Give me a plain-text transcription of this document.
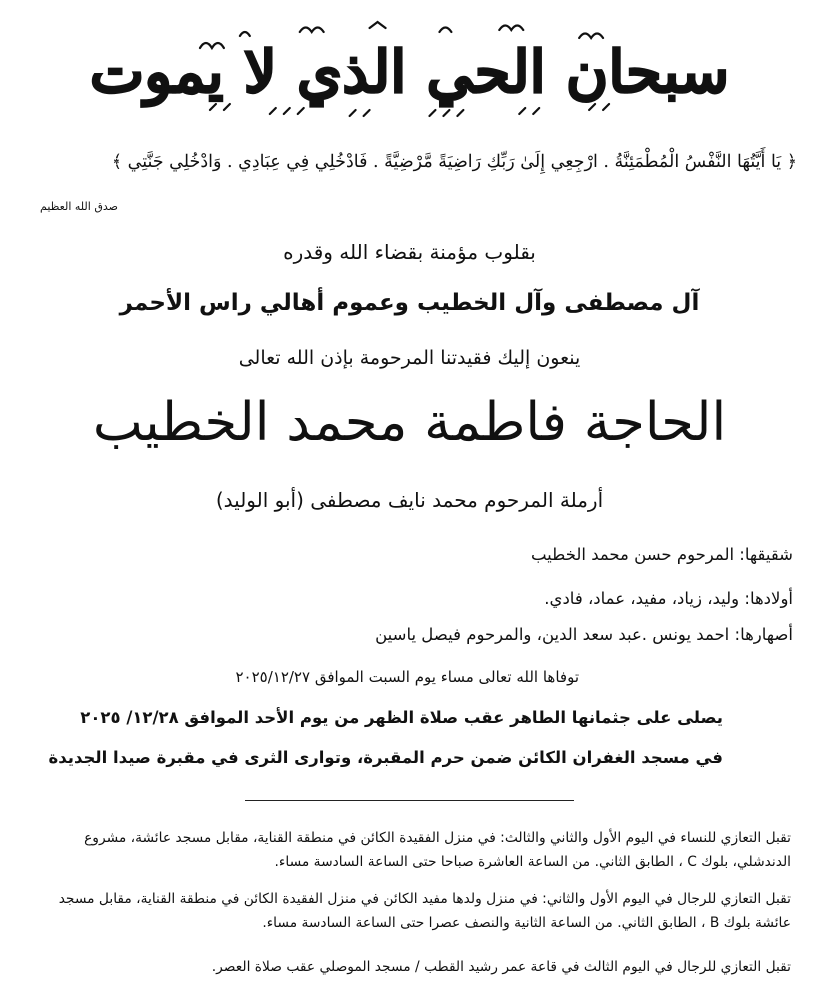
سبحان الحي الذي لا يموت
﴿ يَا أَيَّتُهَا النَّفْسُ الْمُطْمَئِنَّةُ . ارْجِعِي إِلَىٰ رَبِّكِ رَاضِيَةً مَّرْضِيَّةً . فَادْخُلِي فِي عِبَادِي . وَادْخُلِي جَنَّتِي ﴾
صدق الله العظيم
بقلوب مؤمنة بقضاء الله وقدره
آل مصطفى وآل الخطيب وعموم أهالي راس الأحمر
ينعون إليك فقيدتنا المرحومة بإذن الله تعالى
الحاجة فاطمة محمد الخطيب
أرملة المرحوم محمد نايف مصطفى (أبو الوليد)
شقيقها: المرحوم حسن محمد الخطيب
أولادها: وليد، زياد، مفيد، عماد، فادي.
أصهارها: احمد يونس .عبد سعد الدين، والمرحوم فيصل ياسين
توفاها الله تعالى مساء يوم السبت الموافق ٢٠٢٥/١٢/٢٧
يصلى على جثمانها الطاهر عقب صلاة الظهر من يوم الأحد الموافق ١٢/٢٨/ ٢٠٢٥
في مسجد الغفران الكائن ضمن حرم المقبرة، وتوارى الثرى في مقبرة صيدا الجديدة
تقبل التعازي للنساء في اليوم الأول والثاني والثالث: في منزل الفقيدة الكائن في منطقة القناية، مقابل مسجد عائشة، مشروع الدندشلي، بلوك C ، الطابق الثاني. من الساعة العاشرة صباحا حتى الساعة السادسة مساء.
تقبل التعازي للرجال في اليوم الأول والثاني: في منزل ولدها مفيد الكائن في منزل الفقيدة الكائن في منطقة القناية، مقابل مسجد عائشة بلوك B ، الطابق الثاني. من الساعة الثانية والنصف عصرا حتى الساعة السادسة مساء.
تقبل التعازي للرجال في اليوم الثالث في قاعة عمر رشيد القطب / مسجد الموصلي عقب صلاة العصر.
